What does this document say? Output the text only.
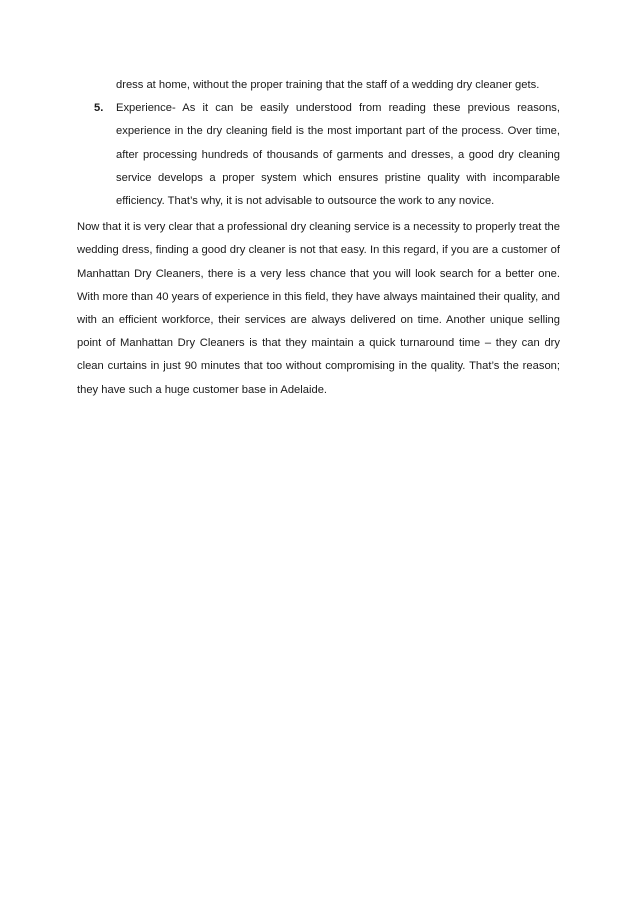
dress at home, without the proper training that the staff of a wedding dry cleaner gets.
5. Experience- As it can be easily understood from reading these previous reasons, experience in the dry cleaning field is the most important part of the process. Over time, after processing hundreds of thousands of garments and dresses, a good dry cleaning service develops a proper system which ensures pristine quality with incomparable efficiency. That’s why, it is not advisable to outsource the work to any novice.
Now that it is very clear that a professional dry cleaning service is a necessity to properly treat the wedding dress, finding a good dry cleaner is not that easy. In this regard, if you are a customer of Manhattan Dry Cleaners, there is a very less chance that you will look search for a better one. With more than 40 years of experience in this field, they have always maintained their quality, and with an efficient workforce, their services are always delivered on time. Another unique selling point of Manhattan Dry Cleaners is that they maintain a quick turnaround time – they can dry clean curtains in just 90 minutes that too without compromising in the quality. That’s the reason; they have such a huge customer base in Adelaide.
